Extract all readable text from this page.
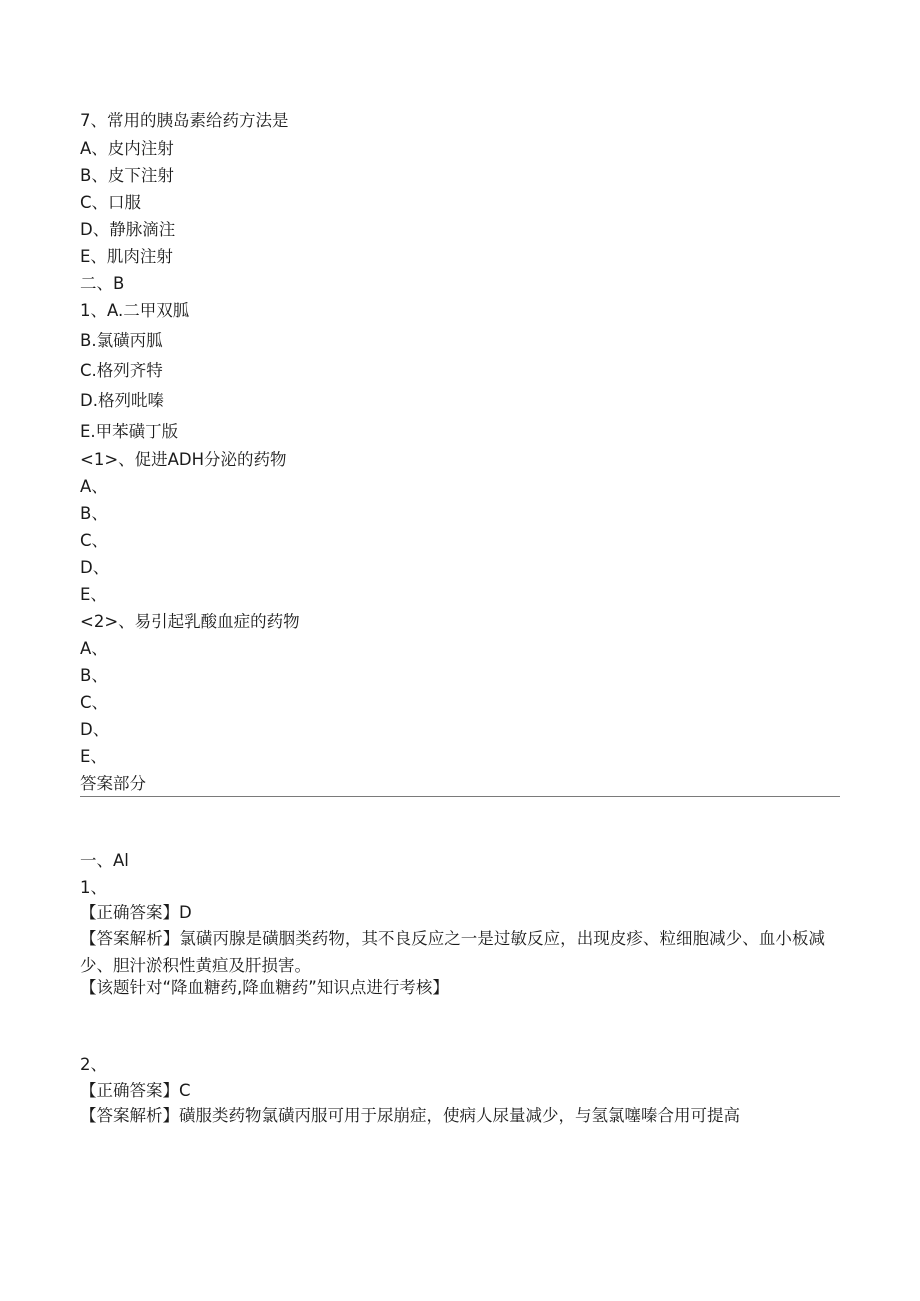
7、常用的胰岛素给药方法是
A、皮内注射
B、皮下注射
C、口服
D、静脉滴注
E、肌肉注射
二、B
1、A.二甲双胍
B.氯磺丙胍
C.格列齐特
D.格列吡嗪
E.甲苯磺丁版
<1>、促进ADH分泌的药物
A、
B、
C、
D、
E、
<2>、易引起乳酸血症的药物
A、
B、
C、
D、
E、
答案部分
一、Al
1、
【正确答案】D
【答案解析】氯磺丙腺是磺胭类药物，其不良反应之一是过敏反应，出现皮疹、粒细胞减少、血小板减少、胆汁淤积性黄疸及肝损害。
【该题针对“降血糖药,降血糖药”知识点进行考核】
2、
【正确答案】C
【答案解析】磺服类药物氯磺丙服可用于尿崩症，使病人尿量减少，与氢氯噻嗪合用可提高
